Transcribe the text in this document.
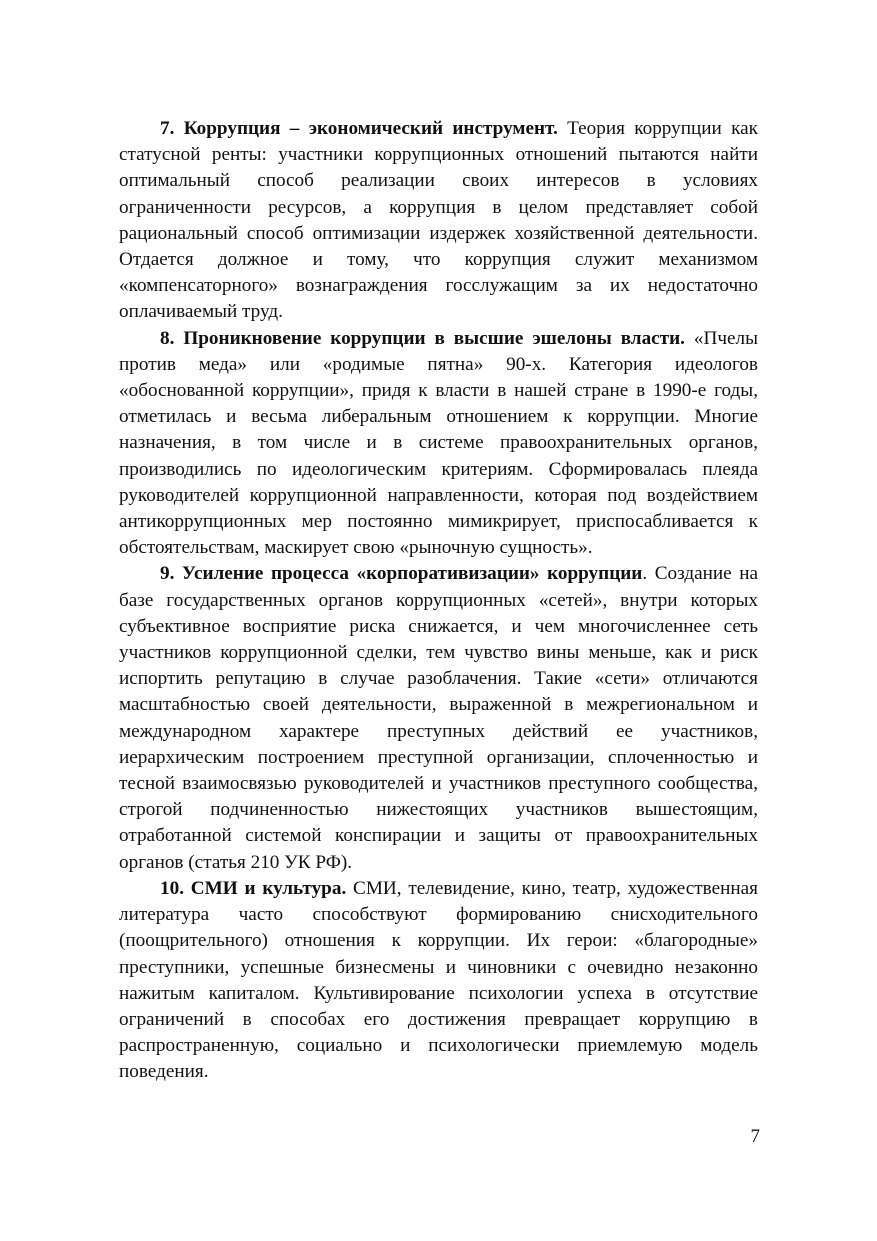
7. Коррупция – экономический инструмент. Теория коррупции как статусной ренты: участники коррупционных отношений пытаются найти оптимальный способ реализации своих интересов в условиях ограниченности ресурсов, а коррупция в целом представляет собой рациональный способ оптимизации издержек хозяйственной деятельности. Отдается должное и тому, что коррупция служит механизмом «компенсаторного» вознаграждения госслужащим за их недостаточно оплачиваемый труд.

8. Проникновение коррупции в высшие эшелоны власти. «Пчелы против меда» или «родимые пятна» 90-х. Категория идеологов «обоснованной коррупции», придя к власти в нашей стране в 1990-е годы, отметилась и весьма либеральным отношением к коррупции. Многие назначения, в том числе и в системе правоохранительных органов, производились по идеологическим критериям. Сформировалась плеяда руководителей коррупционной направленности, которая под воздействием антикоррупционных мер постоянно мимикрирует, приспосабливается к обстоятельствам, маскирует свою «рыночную сущность».

9. Усиление процесса «корпоративизации» коррупции. Создание на базе государственных органов коррупционных «сетей», внутри которых субъективное восприятие риска снижается, и чем многочисленнее сеть участников коррупционной сделки, тем чувство вины меньше, как и риск испортить репутацию в случае разоблачения. Такие «сети» отличаются масштабностью своей деятельности, выраженной в межрегиональном и международном характере преступных действий ее участников, иерархическим построением преступной организации, сплоченностью и тесной взаимосвязью руководителей и участников преступного сообщества, строгой подчиненностью нижестоящих участников вышестоящим, отработанной системой конспирации и защиты от правоохранительных органов (статья 210 УК РФ).

10. СМИ и культура. СМИ, телевидение, кино, театр, художественная литература часто способствуют формированию снисходительного (поощрительного) отношения к коррупции. Их герои: «благородные» преступники, успешные бизнесмены и чиновники с очевидно незаконно нажитым капиталом. Культивирование психологии успеха в отсутствие ограничений в способах его достижения превращает коррупцию в распространенную, социально и психологически приемлемую модель поведения.

7
